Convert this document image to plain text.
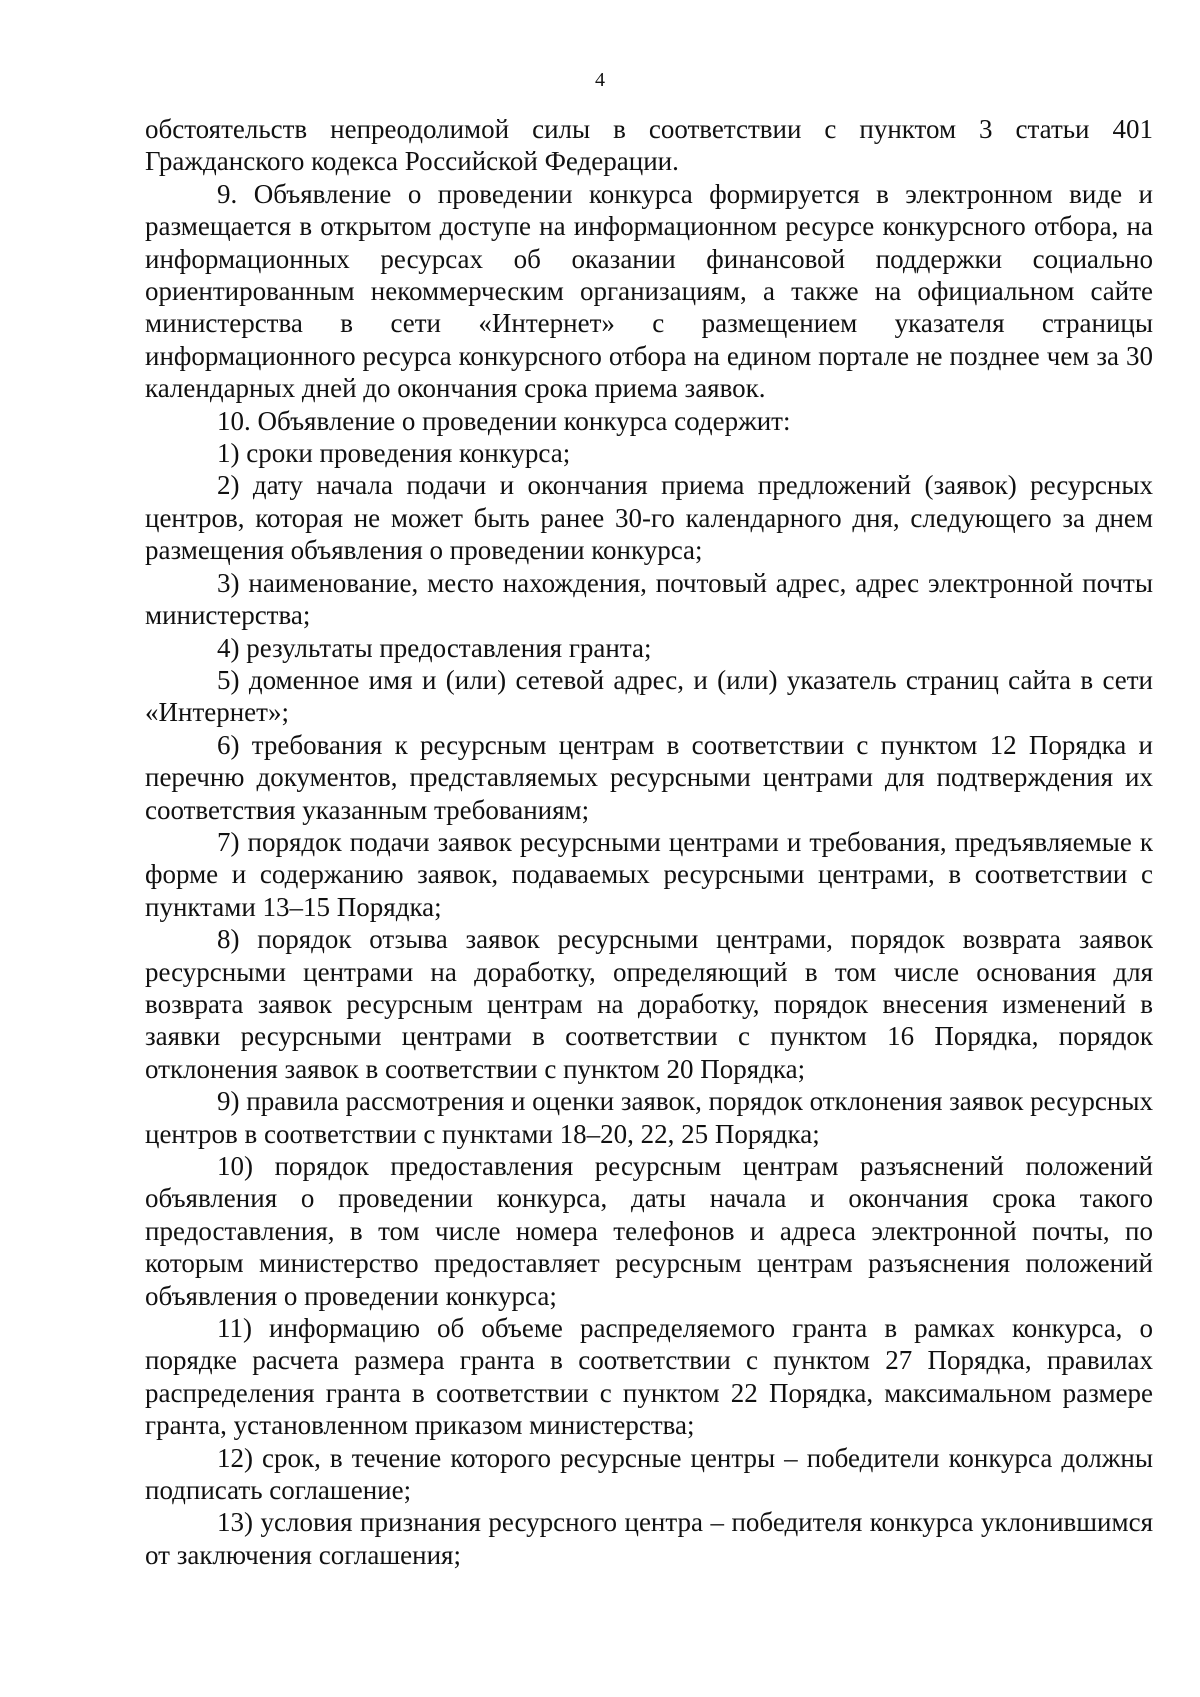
4

обстоятельств непреодолимой силы в соответствии с пунктом 3 статьи 401 Гражданского кодекса Российской Федерации.

9. Объявление о проведении конкурса формируется в электронном виде и размещается в открытом доступе на информационном ресурсе конкурсного отбора, на информационных ресурсах об оказании финансовой поддержки социально ориентированным некоммерческим организациям, а также на официальном сайте министерства в сети «Интернет» с размещением указателя страницы информационного ресурса конкурсного отбора на едином портале не позднее чем за 30 календарных дней до окончания срока приема заявок.

10. Объявление о проведении конкурса содержит:

1) сроки проведения конкурса;

2) дату начала подачи и окончания приема предложений (заявок) ресурсных центров, которая не может быть ранее 30-го календарного дня, следующего за днем размещения объявления о проведении конкурса;

3) наименование, место нахождения, почтовый адрес, адрес электронной почты министерства;

4) результаты предоставления гранта;

5) доменное имя и (или) сетевой адрес, и (или) указатель страниц сайта в сети «Интернет»;

6) требования к ресурсным центрам в соответствии с пунктом 12 Порядка и перечню документов, представляемых ресурсными центрами для подтверждения их соответствия указанным требованиям;

7) порядок подачи заявок ресурсными центрами и требования, предъявляемые к форме и содержанию заявок, подаваемых ресурсными центрами, в соответствии с пунктами 13–15 Порядка;

8) порядок отзыва заявок ресурсными центрами, порядок возврата заявок ресурсными центрами на доработку, определяющий в том числе основания для возврата заявок ресурсным центрам на доработку, порядок внесения изменений в заявки ресурсными центрами в соответствии с пунктом 16 Порядка, порядок отклонения заявок в соответствии с пунктом 20 Порядка;

9) правила рассмотрения и оценки заявок, порядок отклонения заявок ресурсных центров в соответствии с пунктами 18–20, 22, 25 Порядка;

10) порядок предоставления ресурсным центрам разъяснений положений объявления о проведении конкурса, даты начала и окончания срока такого предоставления, в том числе номера телефонов и адреса электронной почты, по которым министерство предоставляет ресурсным центрам разъяснения положений объявления о проведении конкурса;

11) информацию об объеме распределяемого гранта в рамках конкурса, о порядке расчета размера гранта в соответствии с пунктом 27 Порядка, правилах распределения гранта в соответствии с пунктом 22 Порядка, максимальном размере гранта, установленном приказом министерства;

12) срок, в течение которого ресурсные центры – победители конкурса должны подписать соглашение;

13) условия признания ресурсного центра – победителя конкурса уклонившимся от заключения соглашения;
